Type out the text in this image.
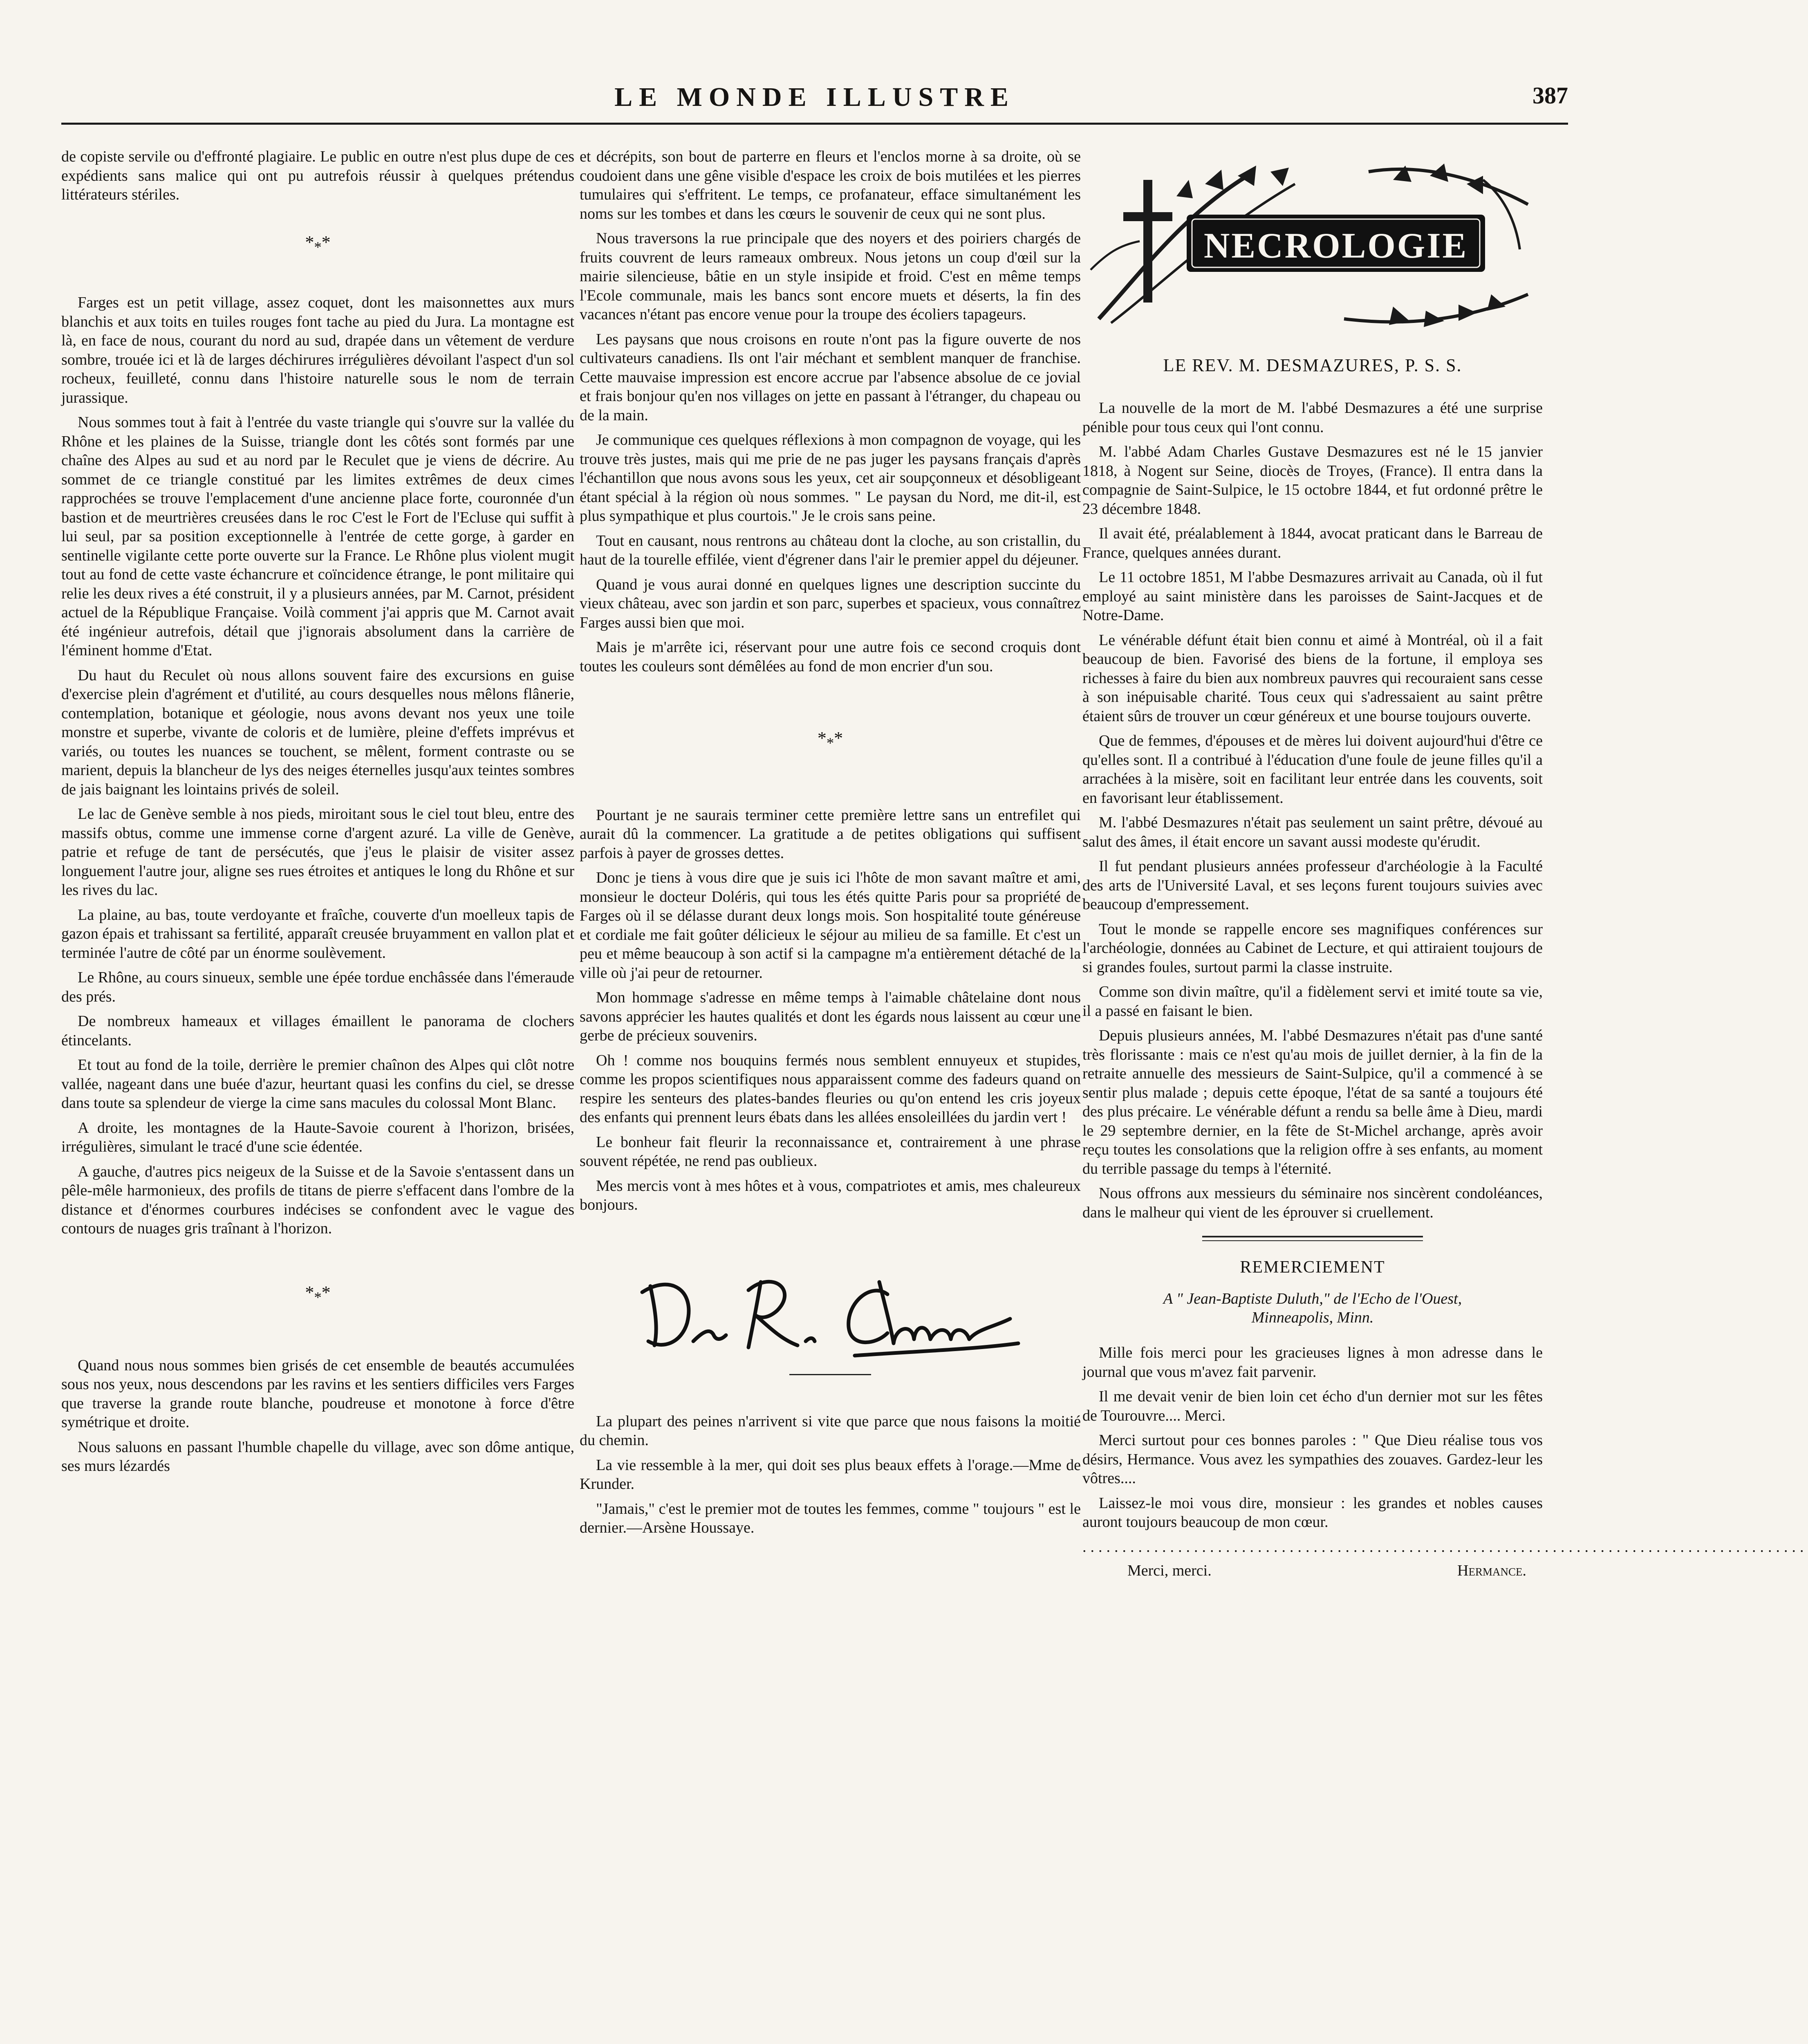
LE MONDE ILLUSTRE	387

de copiste servile ou d'effronté plagiaire. Le public en outre n'est plus dupe de ces expédients sans malice qui ont pu autrefois réussir à quelques prétendus littérateurs stériles.

$*_**$

Farges est un petit village, assez coquet, dont les maisonnettes aux murs blanchis et aux toits en tuiles rouges font tache au pied du Jura. La montagne est là, en face de nous, courant du nord au sud, drapée dans un vêtement de verdure sombre, trouée ici et là de larges déchirures irrégulières dévoilant l'aspect d'un sol rocheux, feuilleté, connu dans l'histoire naturelle sous le nom de terrain jurassique.

Nous sommes tout à fait à l'entrée du vaste triangle qui s'ouvre sur la vallée du Rhône et les plaines de la Suisse, triangle dont les côtés sont formés par une chaîne des Alpes au sud et au nord par le Reculet que je viens de décrire. Au sommet de ce triangle constitué par les limites extrêmes de deux cimes rapprochées se trouve l'emplacement d'une ancienne place forte, couronnée d'un bastion et de meurtrières creusées dans le roc C'est le Fort de l'Ecluse qui suffit à lui seul, par sa position exceptionnelle à l'entrée de cette gorge, à garder en sentinelle vigilante cette porte ouverte sur la France. Le Rhône plus violent mugit tout au fond de cette vaste échancrure et coïncidence étrange, le pont militaire qui relie les deux rives a été construit, il y a plusieurs années, par M. Carnot, président actuel de la République Française. Voilà comment j'ai appris que M. Carnot avait été ingénieur autrefois, détail que j'ignorais absolument dans la carrière de l'éminent homme d'Etat.

Du haut du Reculet où nous allons souvent faire des excursions en guise d'exercise plein d'agrément et d'utilité, au cours desquelles nous mêlons flânerie, contemplation, botanique et géologie, nous avons devant nos yeux une toile monstre et superbe, vivante de coloris et de lumière, pleine d'effets imprévus et variés, ou toutes les nuances se touchent, se mêlent, forment contraste ou se marient, depuis la blancheur de lys des neiges éternelles jusqu'aux teintes sombres de jais baignant les lointains privés de soleil.

Le lac de Genève semble à nos pieds, miroitant sous le ciel tout bleu, entre des massifs obtus, comme une immense corne d'argent azuré. La ville de Genève, patrie et refuge de tant de persécutés, que j'eus le plaisir de visiter assez longuement l'autre jour, aligne ses rues étroites et antiques le long du Rhône et sur les rives du lac.

La plaine, au bas, toute verdoyante et fraîche, couverte d'un moelleux tapis de gazon épais et trahissant sa fertilité, apparaît creusée bruyamment en vallon plat et terminée l'autre de côté par un énorme soulèvement.

Le Rhône, au cours sinueux, semble une épée tordue enchâssée dans l'émeraude des prés.

De nombreux hameaux et villages émaillent le panorama de clochers étincelants.

Et tout au fond de la toile, derrière le premier chaînon des Alpes qui clôt notre vallée, nageant dans une buée d'azur, heurtant quasi les confins du ciel, se dresse dans toute sa splendeur de vierge la cime sans macules du colossal Mont Blanc.

A droite, les montagnes de la Haute-Savoie courent à l'horizon, brisées, irrégulières, simulant le tracé d'une scie édentée.

A gauche, d'autres pics neigeux de la Suisse et de la Savoie s'entassent dans un pêle-mêle harmonieux, des profils de titans de pierre s'effacent dans l'ombre de la distance et d'énormes courbures indécises se confondent avec le vague des contours de nuages gris traînant à l'horizon.

$*_**$

Quand nous nous sommes bien grisés de cet ensemble de beautés accumulées sous nos yeux, nous descendons par les ravins et les sentiers difficiles vers Farges que traverse la grande route blanche, poudreuse et monotone à force d'être symétrique et droite.

Nous saluons en passant l'humble chapelle du village, avec son dôme antique, ses murs lézardés

et décrépits, son bout de parterre en fleurs et l'enclos morne à sa droite, où se coudoient dans une gêne visible d'espace les croix de bois mutilées et les pierres tumulaires qui s'effritent. Le temps, ce profanateur, efface simultanément les noms sur les tombes et dans les cœurs le souvenir de ceux qui ne sont plus.

Nous traversons la rue principale que des noyers et des poiriers chargés de fruits couvrent de leurs rameaux ombreux. Nous jetons un coup d'œil sur la mairie silencieuse, bâtie en un style insipide et froid. C'est en même temps l'Ecole communale, mais les bancs sont encore muets et déserts, la fin des vacances n'étant pas encore venue pour la troupe des écoliers tapageurs.

Les paysans que nous croisons en route n'ont pas la figure ouverte de nos cultivateurs canadiens. Ils ont l'air méchant et semblent manquer de franchise. Cette mauvaise impression est encore accrue par l'absence absolue de ce jovial et frais bonjour qu'en nos villages on jette en passant à l'étranger, du chapeau ou de la main.

Je communique ces quelques réflexions à mon compagnon de voyage, qui les trouve très justes, mais qui me prie de ne pas juger les paysans français d'après l'échantillon que nous avons sous les yeux, cet air soupçonneux et désobligeant étant spécial à la région où nous sommes. " Le paysan du Nord, me dit-il, est plus sympathique et plus courtois." Je le crois sans peine.

Tout en causant, nous rentrons au château dont la cloche, au son cristallin, du haut de la tourelle effilée, vient d'égrener dans l'air le premier appel du déjeuner.

Quand je vous aurai donné en quelques lignes une description succinte du vieux château, avec son jardin et son parc, superbes et spacieux, vous connaîtrez Farges aussi bien que moi.

Mais je m'arrête ici, réservant pour une autre fois ce second croquis dont toutes les couleurs sont démêlées au fond de mon encrier d'un sou.

$*_**$

Pourtant je ne saurais terminer cette première lettre sans un entrefilet qui aurait dû la commencer. La gratitude a de petites obligations qui suffisent parfois à payer de grosses dettes.

Donc je tiens à vous dire que je suis ici l'hôte de mon savant maître et ami, monsieur le docteur Doléris, qui tous les étés quitte Paris pour sa propriété de Farges où il se délasse durant deux longs mois. Son hospitalité toute généreuse et cordiale me fait goûter délicieux le séjour au milieu de sa famille. Et c'est un peu et même beaucoup à son actif si la campagne m'a entièrement détaché de la ville où j'ai peur de retourner.

Mon hommage s'adresse en même temps à l'aimable châtelaine dont nous savons apprécier les hautes qualités et dont les égards nous laissent au cœur une gerbe de précieux souvenirs.

Oh ! comme nos bouquins fermés nous semblent ennuyeux et stupides, comme les propos scientifiques nous apparaissent comme des fadeurs quand on respire les senteurs des plates-bandes fleuries ou qu'on entend les cris joyeux des enfants qui prennent leurs ébats dans les allées ensoleillées du jardin vert !

Le bonheur fait fleurir la reconnaissance et, contrairement à une phrase souvent répétée, ne rend pas oublieux.

Mes mercis vont à mes hôtes et à vous, compatriotes et amis, mes chaleureux bonjours.

La plupart des peines n'arrivent si vite que parce que nous faisons la moitié du chemin.

La vie ressemble à la mer, qui doit ses plus beaux effets à l'orage.—Mme de Krunder.

"Jamais," c'est le premier mot de toutes les femmes, comme " toujours " est le dernier.—Arsène Houssaye.

NECROLOGIE
LE REV. M. DESMAZURES, P. S. S.

La nouvelle de la mort de M. l'abbé Desmazures a été une surprise pénible pour tous ceux qui l'ont connu.

M. l'abbé Adam Charles Gustave Desmazures est né le 15 janvier 1818, à Nogent sur Seine, diocès de Troyes, (France). Il entra dans la compagnie de Saint-Sulpice, le 15 octobre 1844, et fut ordonné prêtre le 23 décembre 1848.

Il avait été, préalablement à 1844, avocat praticant dans le Barreau de France, quelques années durant.

Le 11 octobre 1851, M l'abbe Desmazures arrivait au Canada, où il fut employé au saint ministère dans les paroisses de Saint-Jacques et de Notre-Dame.

Le vénérable défunt était bien connu et aimé à Montréal, où il a fait beaucoup de bien. Favorisé des biens de la fortune, il employa ses richesses à faire du bien aux nombreux pauvres qui recouraient sans cesse à son inépuisable charité. Tous ceux qui s'adressaient au saint prêtre étaient sûrs de trouver un cœur généreux et une bourse toujours ouverte.

Que de femmes, d'épouses et de mères lui doivent aujourd'hui d'être ce qu'elles sont. Il a contribué à l'éducation d'une foule de jeune filles qu'il a arrachées à la misère, soit en facilitant leur entrée dans les couvents, soit en favorisant leur établissement.

M. l'abbé Desmazures n'était pas seulement un saint prêtre, dévoué au salut des âmes, il était encore un savant aussi modeste qu'érudit.

Il fut pendant plusieurs années professeur d'archéologie à la Faculté des arts de l'Université Laval, et ses leçons furent toujours suivies avec beaucoup d'empressement.

Tout le monde se rappelle encore ses magnifiques conférences sur l'archéologie, données au Cabinet de Lecture, et qui attiraient toujours de si grandes foules, surtout parmi la classe instruite.

Comme son divin maître, qu'il a fidèlement servi et imité toute sa vie, il a passé en faisant le bien.

Depuis plusieurs années, M. l'abbé Desmazures n'était pas d'une santé très florissante : mais ce n'est qu'au mois de juillet dernier, à la fin de la retraite annuelle des messieurs de Saint-Sulpice, qu'il a commencé à se sentir plus malade ; depuis cette époque, l'état de sa santé a toujours été des plus précaire. Le vénérable défunt a rendu sa belle âme à Dieu, mardi le 29 septembre dernier, en la fête de St-Michel archange, après avoir reçu toutes les consolations que la religion offre à ses enfants, au moment du terrible passage du temps à l'éternité.

Nous offrons aux messieurs du séminaire nos sincèrent condoléances, dans le malheur qui vient de les éprouver si cruellement.

REMERCIEMENT
A " Jean-Baptiste Duluth," de l'Echo de l'Ouest,
Minneapolis, Minn.

Mille fois merci pour les gracieuses lignes à mon adresse dans le journal que vous m'avez fait parvenir.

Il me devait venir de bien loin cet écho d'un dernier mot sur les fêtes de Tourouvre.... Merci.

Merci surtout pour ces bonnes paroles : " Que Dieu réalise tous vos désirs, Hermance. Vous avez les sympathies des zouaves. Gardez-leur les vôtres....

Laissez-le moi vous dire, monsieur : les grandes et nobles causes auront toujours beaucoup de mon cœur.

...........................................................................................
Merci, merci.	Hermance.
